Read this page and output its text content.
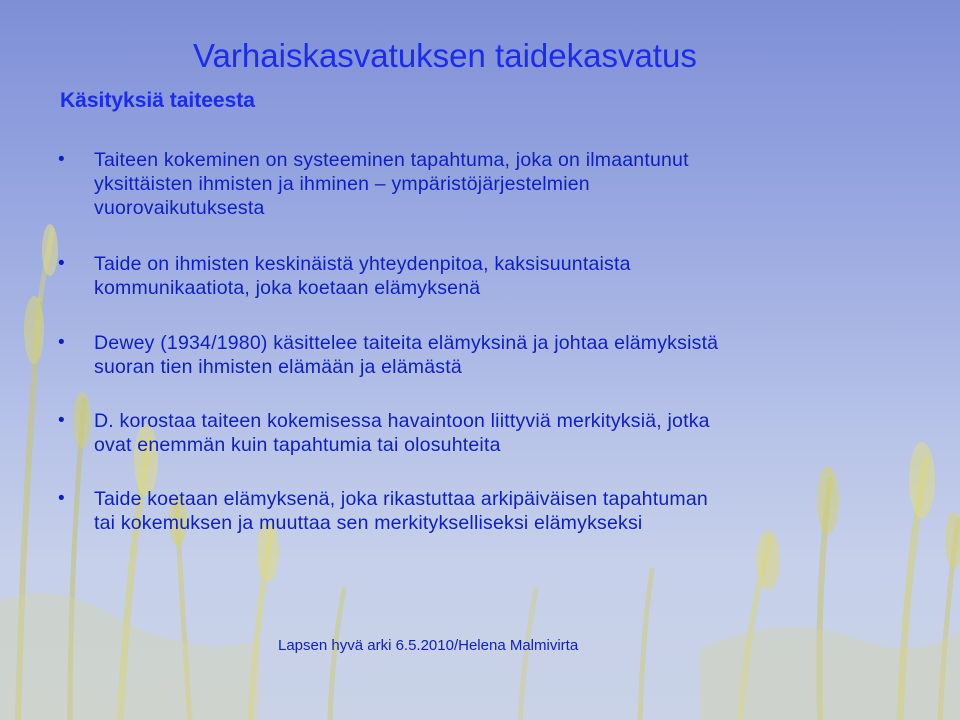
Varhaiskasvatuksen taidekasvatus
Käsityksiä taiteesta
• Taiteen kokeminen on systeeminen tapahtuma, joka on ilmaantunut
yksittäisten ihmisten ja ihminen – ympäristöjärjestelmien
vuorovaikutuksesta
• Taide on ihmisten keskinäistä yhteydenpitoa, kaksisuuntaista
kommunikaatiota, joka koetaan elämyksenä
• Dewey (1934/1980) käsittelee taiteita elämyksinä ja johtaa elämyksistä
suoran tien ihmisten elämään ja elämästä
• D. korostaa taiteen kokemisessa havaintoon liittyviä merkityksiä, jotka
ovat enemmän kuin tapahtumia tai olosuhteita
• Taide koetaan elämyksenä, joka rikastuttaa arkipäiväisen tapahtuman
tai kokemuksen ja muuttaa sen merkitykselliseksi elämykseksi
Lapsen hyvä arki 6.5.2010/Helena Malmivirta
